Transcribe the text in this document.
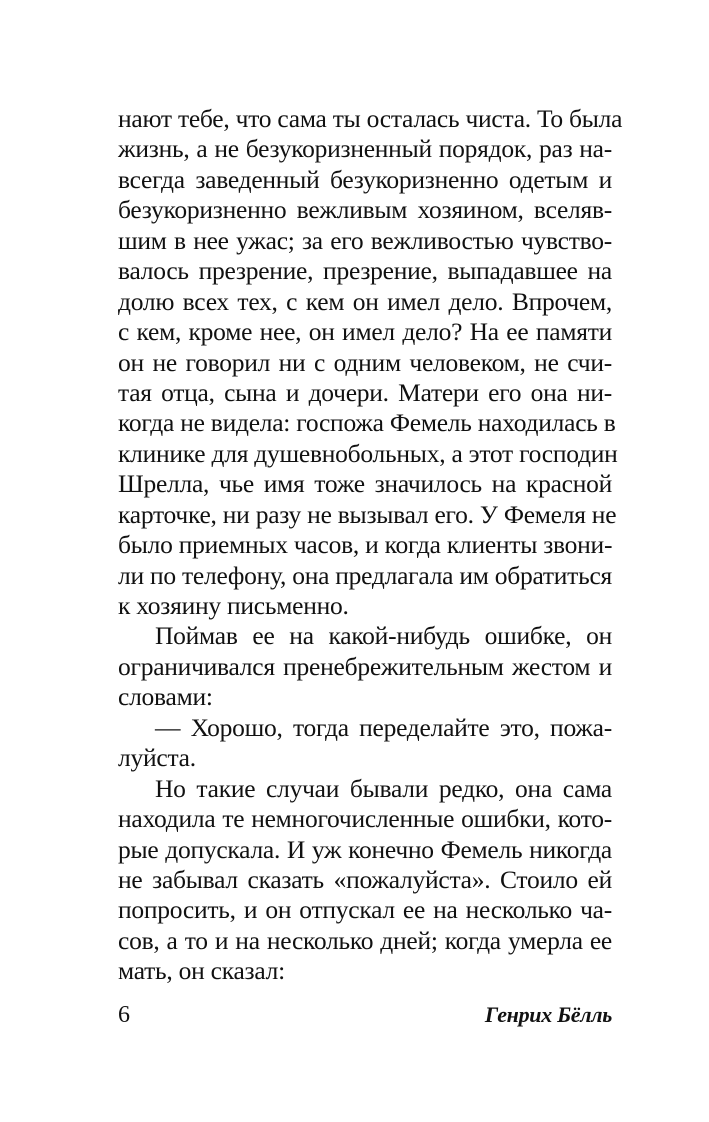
нают тебе, что сама ты осталась чиста. То была
жизнь, а не безукоризненный порядок, раз на-
всегда заведенный безукоризненно одетым и
безукоризненно вежливым хозяином, вселяв-
шим в нее ужас; за его вежливостью чувство-
валось презрение, презрение, выпадавшее на
долю всех тех, с кем он имел дело. Впрочем,
с кем, кроме нее, он имел дело? На ее памяти
он не говорил ни с одним человеком, не счи-
тая отца, сына и дочери. Матери его она ни-
когда не видела: госпожа Фемель находилась в
клинике для душевнобольных, а этот господин
Шрелла, чье имя тоже значилось на красной
карточке, ни разу не вызывал его. У Фемеля не
было приемных часов, и когда клиенты звони-
ли по телефону, она предлагала им обратиться
к хозяину письменно.
Поймав ее на какой-нибудь ошибке, он
ограничивался пренебрежительным жестом и
словами:
— Хорошо, тогда переделайте это, пожа-
луйста.
Но такие случаи бывали редко, она сама
находила те немногочисленные ошибки, кото-
рые допускала. И уж конечно Фемель никогда
не забывал сказать «пожалуйста». Стоило ей
попросить, и он отпускал ее на несколько ча-
сов, а то и на несколько дней; когда умерла ее
мать, он сказал:
6	Генрих Бёлль
